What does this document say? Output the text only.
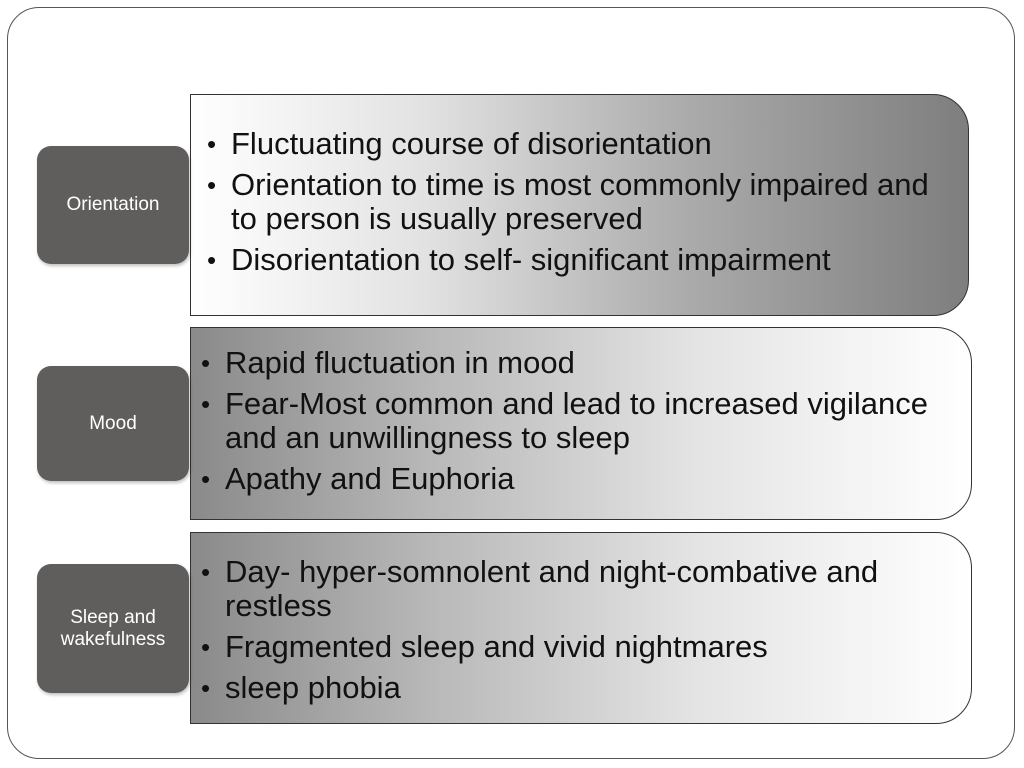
• Fluctuating course of disorientation
• Orientation to time is most commonly impaired and to person is usually preserved
• Disorientation to self- significant impairment
Orientation
• Rapid fluctuation in mood
• Fear-Most common and lead to increased vigilance and an unwillingness to sleep
• Apathy and Euphoria
Mood
• Day- hyper-somnolent and night-combative and restless
• Fragmented sleep and vivid nightmares
• sleep phobia
Sleep and
wakefulness
